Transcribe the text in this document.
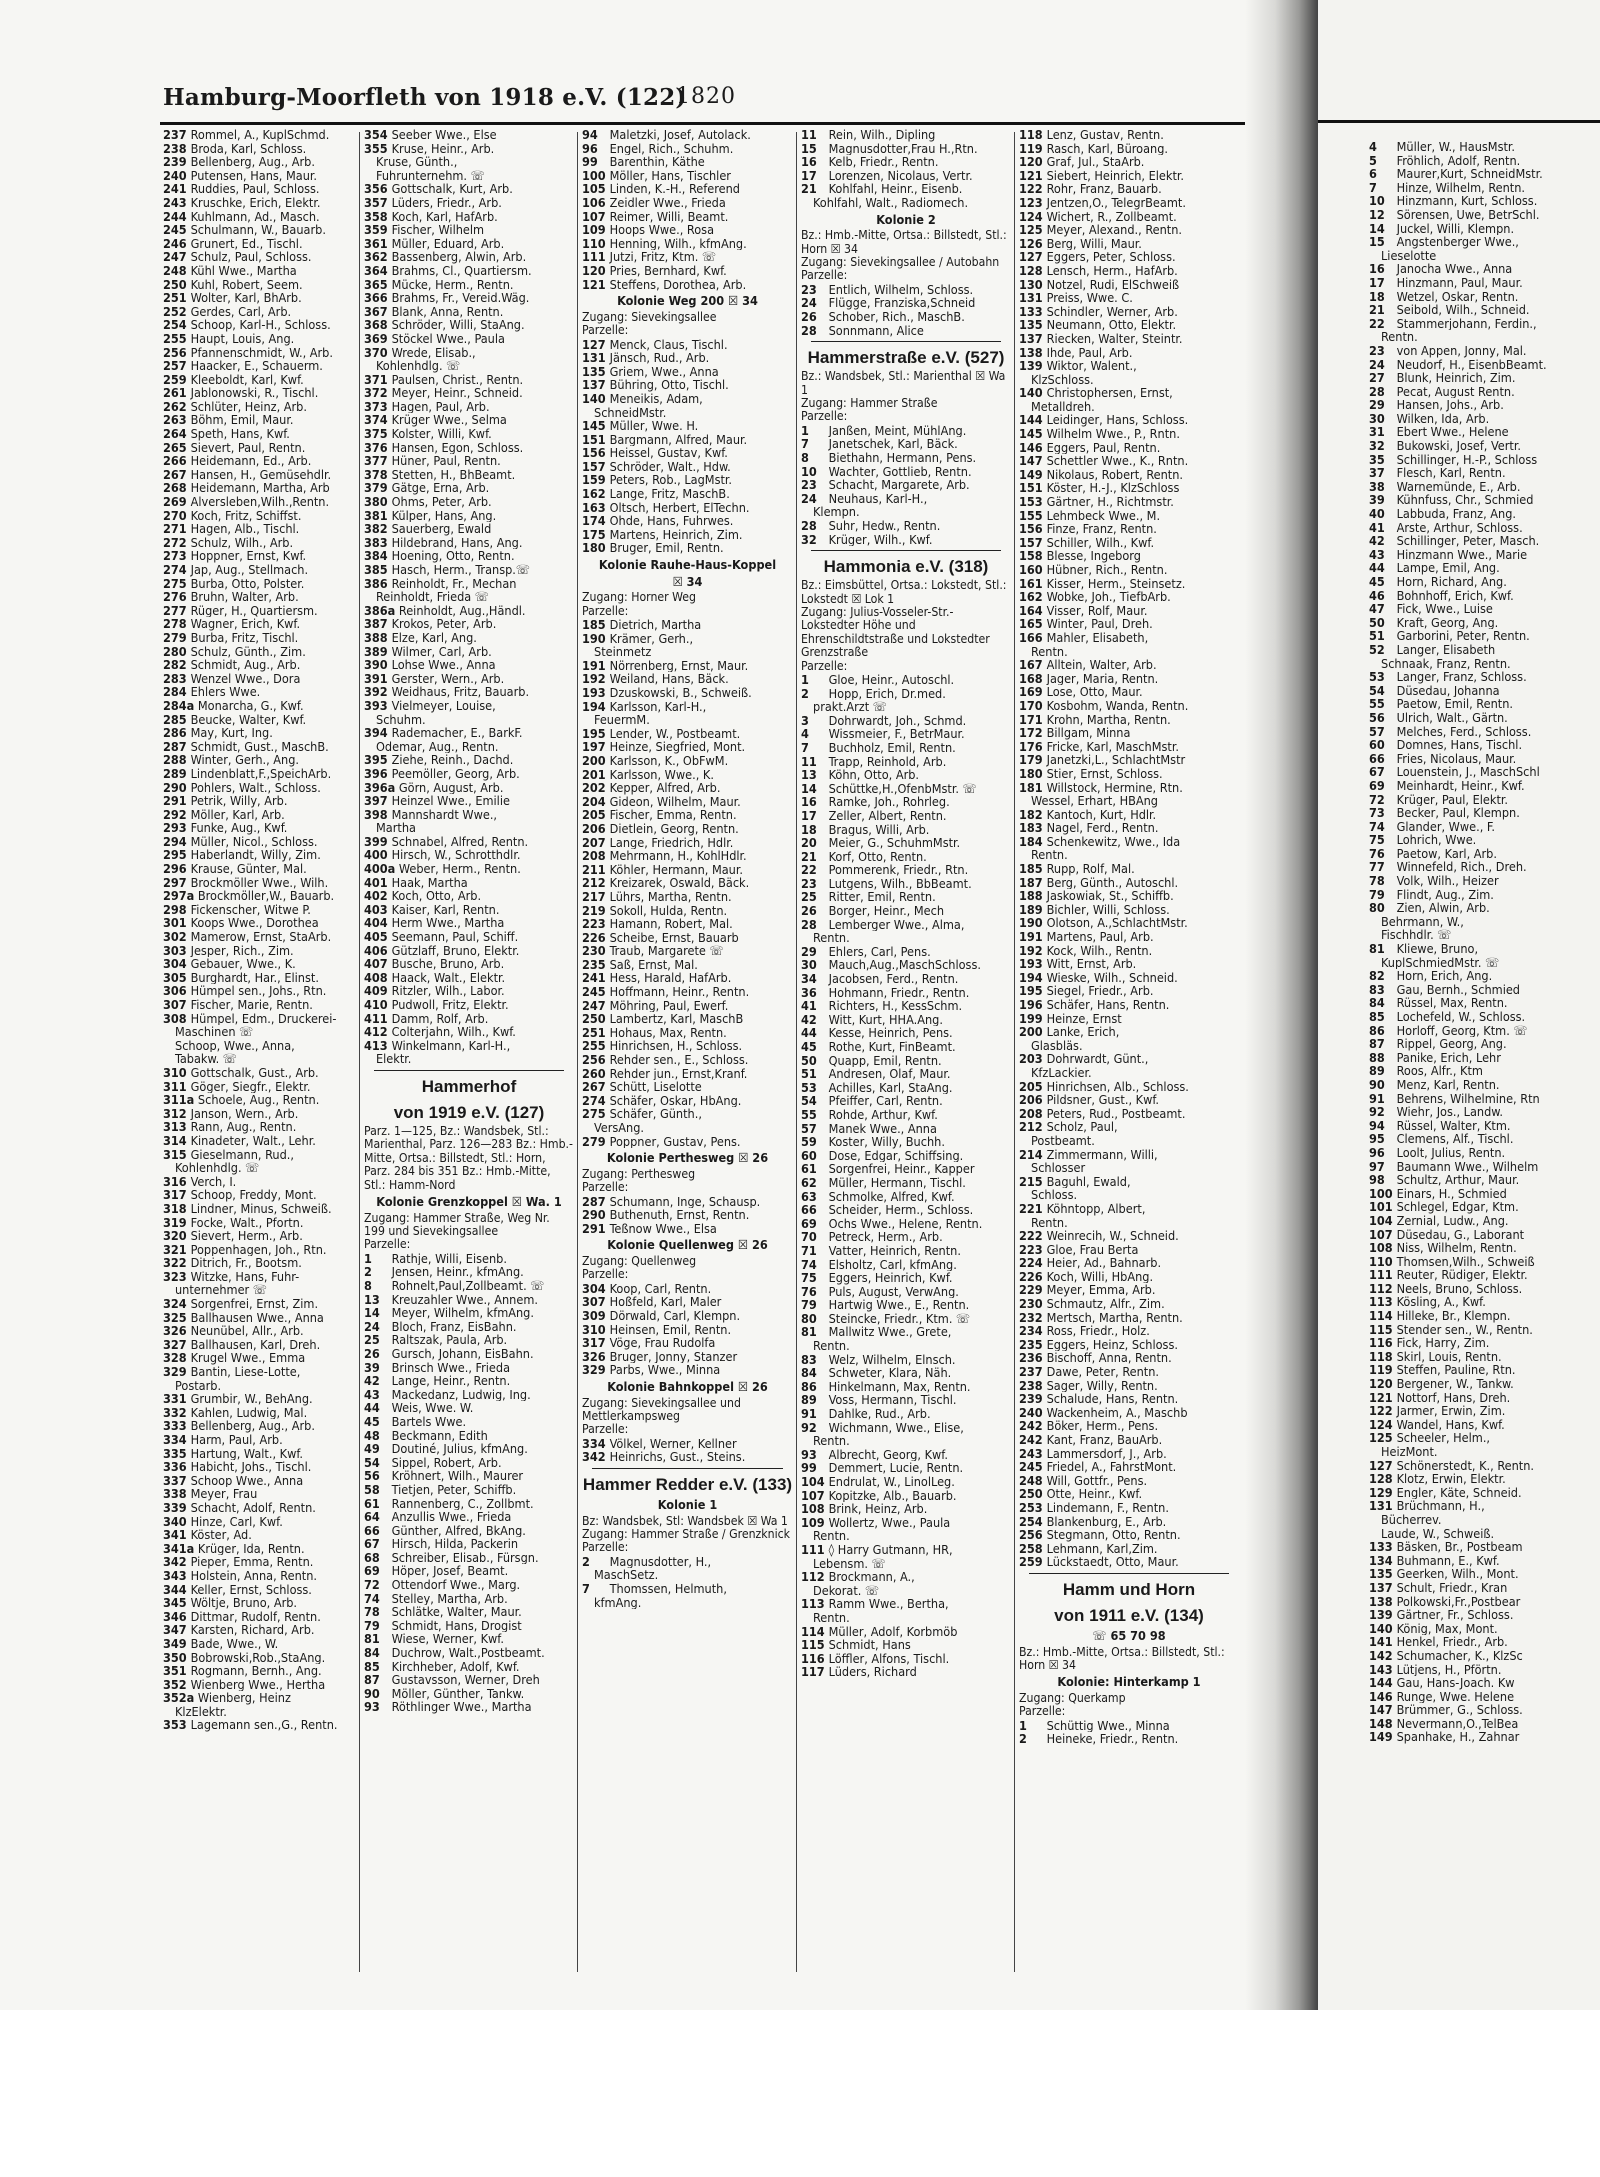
Hamburg-Moorfleth von 1918 e.V. (122)
1820
237 Rommel, A., KuplSchmd.
238 Broda, Karl, Schloss.
239 Bellenberg, Aug., Arb.
240 Putensen, Hans, Maur.
241 Ruddies, Paul, Schloss.
243 Kruschke, Erich, Elektr.
244 Kuhlmann, Ad., Masch.
245 Schulmann, W., Bauarb.
246 Grunert, Ed., Tischl.
247 Schulz, Paul, Schloss.
248 Kühl Wwe., Martha
250 Kuhl, Robert, Seem.
251 Wolter, Karl, BhArb.
252 Gerdes, Carl, Arb.
254 Schoop, Karl-H., Schloss.
255 Haupt, Louis, Ang.
256 Pfannenschmidt, W., Arb.
257 Haacker, E., Schauerm.
259 Kleeboldt, Karl, Kwf.
261 Jablonowski, R., Tischl.
262 Schlüter, Heinz, Arb.
263 Böhm, Emil, Maur.
264 Speth, Hans, Kwf.
265 Sievert, Paul, Rentn.
266 Heidemann, Ed., Arb.
267 Hansen, H., Gemüsehdlr.
268 Heidemann, Martha, Arb
269 Alversleben,Wilh.,Rentn.
270 Koch, Fritz, Schiffst.
271 Hagen, Alb., Tischl.
272 Schulz, Wilh., Arb.
273 Hoppner, Ernst, Kwf.
274 Jap, Aug., Stellmach.
275 Burba, Otto, Polster.
276 Bruhn, Walter, Arb.
277 Rüger, H., Quartiersm.
278 Wagner, Erich, Kwf.
279 Burba, Fritz, Tischl.
280 Schulz, Günth., Zim.
282 Schmidt, Aug., Arb.
283 Wenzel Wwe., Dora
284 Ehlers Wwe.
284a Monarcha, G., Kwf.
285 Beucke, Walter, Kwf.
286 May, Kurt, Ing.
287 Schmidt, Gust., MaschB.
288 Winter, Gerh., Ang.
289 Lindenblatt,F.,SpeichArb.
290 Pohlers, Walt., Schloss.
291 Petrik, Willy, Arb.
292 Möller, Karl, Arb.
293 Funke, Aug., Kwf.
294 Müller, Nicol., Schloss.
295 Haberlandt, Willy, Zim.
296 Krause, Günter, Mal.
297 Brockmöller Wwe., Wilh.
297a Brockmöller,W., Bauarb.
298 Fickenscher, Witwe P.
301 Koops Wwe., Dorothea
302 Mamerow, Ernst, StaArb.
303 Jesper, Rich., Zim.
304 Gebauer, Wwe., K.
305 Burghardt, Har., Elinst.
306 Hümpel sen., Johs., Rtn.
307 Fischer, Marie, Rentn.
308 Hümpel, Edm., Druckerei-
Maschinen ☏
Schoop, Wwe., Anna,
Tabakw. ☏
310 Gottschalk, Gust., Arb.
311 Göger, Siegfr., Elektr.
311a Schoele, Aug., Rentn.
312 Janson, Wern., Arb.
313 Rann, Aug., Rentn.
314 Kinadeter, Walt., Lehr.
315 Gieselmann, Rud.,
Kohlenhdlg. ☏
316 Verch, I.
317 Schoop, Freddy, Mont.
318 Lindner, Minus, Schweiß.
319 Focke, Walt., Pfortn.
320 Sievert, Herm., Arb.
321 Poppenhagen, Joh., Rtn.
322 Ditrich, Fr., Bootsm.
323 Witzke, Hans, Fuhr-
unternehmer ☏
324 Sorgenfrei, Ernst, Zim.
325 Ballhausen Wwe., Anna
326 Neunübel, Allr., Arb.
327 Ballhausen, Karl, Dreh.
328 Krugel Wwe., Emma
329 Bantin, Liese-Lotte,
Postarb.
331 Grumbir, W., BehAng.
332 Kahlen, Ludwig, Mal.
333 Bellenberg, Aug., Arb.
334 Harm, Paul, Arb.
335 Hartung, Walt., Kwf.
336 Habicht, Johs., Tischl.
337 Schoop Wwe., Anna
338 Meyer, Frau
339 Schacht, Adolf, Rentn.
340 Hinze, Carl, Kwf.
341 Köster, Ad.
341a Krüger, Ida, Rentn.
342 Pieper, Emma, Rentn.
343 Holstein, Anna, Rentn.
344 Keller, Ernst, Schloss.
345 Wöltje, Bruno, Arb.
346 Dittmar, Rudolf, Rentn.
347 Karsten, Richard, Arb.
349 Bade, Wwe., W.
350 Bobrowski,Rob.,StaAng.
351 Rogmann, Bernh., Ang.
352 Wienberg Wwe., Hertha
352a Wienberg, Heinz
KlzElektr.
353 Lagemann sen.,G., Rentn.
354 Seeber Wwe., Else
355 Kruse, Heinr., Arb.
Kruse, Günth.,
Fuhrunternehm. ☏
356 Gottschalk, Kurt, Arb.
357 Lüders, Friedr., Arb.
358 Koch, Karl, HafArb.
359 Fischer, Wilhelm
361 Müller, Eduard, Arb.
362 Bassenberg, Alwin, Arb.
364 Brahms, Cl., Quartiersm.
365 Mücke, Herm., Rentn.
366 Brahms, Fr., Vereid.Wäg.
367 Blank, Anna, Rentn.
368 Schröder, Willi, StaAng.
369 Stöckel Wwe., Paula
370 Wrede, Elisab.,
Kohlenhdlg. ☏
371 Paulsen, Christ., Rentn.
372 Meyer, Heinr., Schneid.
373 Hagen, Paul, Arb.
374 Krüger Wwe., Selma
375 Kolster, Willi, Kwf.
376 Hansen, Egon, Schloss.
377 Hüner, Paul, Rentn.
378 Stetten, H., BhBeamt.
379 Gätge, Erna, Arb.
380 Ohms, Peter, Arb.
381 Külper, Hans, Ang.
382 Sauerberg, Ewald
383 Hildebrand, Hans, Ang.
384 Hoening, Otto, Rentn.
385 Hasch, Herm., Transp.☏
386 Reinholdt, Fr., Mechan
Reinholdt, Frieda ☏
386a Reinholdt, Aug.,Händl.
387 Krokos, Peter, Arb.
388 Elze, Karl, Ang.
389 Wilmer, Carl, Arb.
390 Lohse Wwe., Anna
391 Gerster, Wern., Arb.
392 Weidhaus, Fritz, Bauarb.
393 Vielmeyer, Louise,
Schuhm.
394 Rademacher, E., BarkF.
Odemar, Aug., Rentn.
395 Ziehe, Reinh., Dachd.
396 Peemöller, Georg, Arb.
396a Görn, August, Arb.
397 Heinzel Wwe., Emilie
398 Mannshardt Wwe.,
Martha
399 Schnabel, Alfred, Rentn.
400 Hirsch, W., Schrotthdlr.
400a Weber, Herm., Rentn.
401 Haak, Martha
402 Koch, Otto, Arb.
403 Kaiser, Karl, Rentn.
404 Herm Wwe., Martha
405 Seemann, Paul, Schiff.
406 Gützlaff, Bruno, Elektr.
407 Busche, Bruno, Arb.
408 Haack, Walt., Elektr.
409 Ritzler, Wilh., Labor.
410 Pudwoll, Fritz, Elektr.
411 Damm, Rolf, Arb.
412 Colterjahn, Wilh., Kwf.
413 Winkelmann, Karl-H.,
Elektr.
Hammerhof
von 1919 e.V. (127)
Parz. 1—125, Bz.: Wandsbek, Stl.: Marienthal, Parz. 126—283 Bz.: Hmb.-Mitte, Ortsa.: Billstedt, Stl.: Horn, Parz. 284 bis 351 Bz.: Hmb.-Mitte, Stl.: Hamm-Nord
Kolonie Grenzkoppel ☒ Wa. 1
Zugang: Hammer Straße, Weg Nr. 199 und Sievekingsallee
Parzelle:
1 Rathje, Willi, Eisenb.
2 Jensen, Heinr., kfmAng.
8 Rohnelt,Paul,Zollbeamt. ☏
13 Kreuzahler Wwe., Annem.
14 Meyer, Wilhelm, kfmAng.
24 Bloch, Franz, EisBahn.
25 Raltszak, Paula, Arb.
26 Gursch, Johann, EisBahn.
39 Brinsch Wwe., Frieda
42 Lange, Heinr., Rentn.
43 Mackedanz, Ludwig, Ing.
44 Weis, Wwe. W.
45 Bartels Wwe.
48 Beckmann, Edith
49 Doutiné, Julius, kfmAng.
54 Sippel, Robert, Arb.
56 Kröhnert, Wilh., Maurer
58 Tietjen, Peter, Schiffb.
61 Rannenberg, C., Zollbmt.
64 Anzullis Wwe., Frieda
66 Günther, Alfred, BkAng.
67 Hirsch, Hilda, Packerin
68 Schreiber, Elisab., Fürsgn.
69 Höper, Josef, Beamt.
72 Ottendorf Wwe., Marg.
74 Stelley, Martha, Arb.
78 Schlätke, Walter, Maur.
79 Schmidt, Hans, Drogist
81 Wiese, Werner, Kwf.
84 Duchrow, Walt.,Postbeamt.
85 Kirchheber, Adolf, Kwf.
87 Gustavsson, Werner, Dreh
90 Möller, Günther, Tankw.
93 Röthlinger Wwe., Martha
94 Maletzki, Josef, Autolack.
96 Engel, Rich., Schuhm.
99 Barenthin, Käthe
100 Möller, Hans, Tischler
105 Linden, K.-H., Referend
106 Zeidler Wwe., Frieda
107 Reimer, Willi, Beamt.
109 Hoops Wwe., Rosa
110 Henning, Wilh., kfmAng.
111 Jutzi, Fritz, Ktm. ☏
120 Pries, Bernhard, Kwf.
121 Steffens, Dorothea, Arb.
Kolonie Weg 200 ☒ 34
Zugang: Sievekingsallee
Parzelle:
127 Menck, Claus, Tischl.
131 Jänsch, Rud., Arb.
135 Griem, Wwe., Anna
137 Bühring, Otto, Tischl.
140 Meneikis, Adam,
SchneidMstr.
145 Müller, Wwe. H.
151 Bargmann, Alfred, Maur.
156 Heissel, Gustav, Kwf.
157 Schröder, Walt., Hdw.
159 Peters, Rob., LagMstr.
162 Lange, Fritz, MaschB.
163 Oltsch, Herbert, ElTechn.
174 Ohde, Hans, Fuhrwes.
175 Martens, Heinrich, Zim.
180 Bruger, Emil, Rentn.
Kolonie Rauhe-Haus-Koppel
☒ 34
Zugang: Horner Weg
Parzelle:
185 Dietrich, Martha
190 Krämer, Gerh.,
Steinmetz
191 Nörrenberg, Ernst, Maur.
192 Weiland, Hans, Bäck.
193 Dzuskowski, B., Schweiß.
194 Karlsson, Karl-H.,
FeuermM.
195 Lender, W., Postbeamt.
197 Heinze, Siegfried, Mont.
200 Karlsson, K., ObFwM.
201 Karlsson, Wwe., K.
202 Kepper, Alfred, Arb.
204 Gideon, Wilhelm, Maur.
205 Fischer, Emma, Rentn.
206 Dietlein, Georg, Rentn.
207 Lange, Friedrich, Hdlr.
208 Mehrmann, H., KohlHdlr.
211 Köhler, Hermann, Maur.
212 Kreizarek, Oswald, Bäck.
217 Lührs, Martha, Rentn.
219 Sokoll, Hulda, Rentn.
223 Hamann, Robert, Mal.
226 Scheibe, Ernst, Bauarb
230 Traub, Margarete ☏
235 Saß, Ernst, Mal.
241 Hess, Harald, HafArb.
245 Hoffmann, Heinr., Rentn.
247 Möhring, Paul, Ewerf.
250 Lambertz, Karl, MaschB
251 Hohaus, Max, Rentn.
255 Hinrichsen, H., Schloss.
256 Rehder sen., E., Schloss.
260 Rehder jun., Ernst,Kranf.
267 Schütt, Liselotte
274 Schäfer, Oskar, HbAng.
275 Schäfer, Günth.,
VersAng.
279 Poppner, Gustav, Pens.
Kolonie Perthesweg ☒ 26
Zugang: Perthesweg
Parzelle:
287 Schumann, Inge, Schausp.
290 Buthenuth, Ernst, Rentn.
291 Teßnow Wwe., Elsa
Kolonie Quellenweg ☒ 26
Zugang: Quellenweg
Parzelle:
304 Koop, Carl, Rentn.
307 Hoßfeld, Karl, Maler
309 Dörwald, Carl, Klempn.
310 Heinsen, Emil, Rentn.
317 Vöge, Frau Rudolfa
326 Bruger, Jonny, Stanzer
329 Parbs, Wwe., Minna
Kolonie Bahnkoppel ☒ 26
Zugang: Sievekingsallee und Mettlerkampsweg
Parzelle:
334 Völkel, Werner, Kellner
342 Heinrichs, Gust., Steins.
Hammer Redder e.V. (133)
Kolonie 1
Bz: Wandsbek, Stl: Wandsbek ☒ Wa 1
Zugang: Hammer Straße / Grenzknick
Parzelle:
2 Magnusdotter, H.,
MaschSetz.
7 Thomssen, Helmuth,
kfmAng.
11 Rein, Wilh., Dipling
15 Magnusdotter,Frau H.,Rtn.
16 Kelb, Friedr., Rentn.
17 Lorenzen, Nicolaus, Vertr.
21 Kohlfahl, Heinr., Eisenb.
Kohlfahl, Walt., Radiomech.
Kolonie 2
Bz.: Hmb.-Mitte, Ortsa.: Billstedt, Stl.: Horn ☒ 34
Zugang: Sievekingsallee / Autobahn
Parzelle:
23 Entlich, Wilhelm, Schloss.
24 Flügge, Franziska,Schneid
26 Schober, Rich., MaschB.
28 Sonnmann, Alice
Hammerstraße e.V. (527)
Bz.: Wandsbek, Stl.: Marienthal ☒ Wa 1
Zugang: Hammer Straße
Parzelle:
1 Janßen, Meint, MühlAng.
7 Janetschek, Karl, Bäck.
8 Biethahn, Hermann, Pens.
10 Wachter, Gottlieb, Rentn.
23 Schacht, Margarete, Arb.
24 Neuhaus, Karl-H.,
Klempn.
28 Suhr, Hedw., Rentn.
32 Krüger, Wilh., Kwf.
Hammonia e.V. (318)
Bz.: Eimsbüttel, Ortsa.: Lokstedt, Stl.: Lokstedt ☒ Lok 1
Zugang: Julius-Vosseler-Str.-Lokstedter Höhe und Ehrenschildtstraße und Lokstedter Grenzstraße
Parzelle:
1 Gloe, Heinr., Autoschl.
2 Hopp, Erich, Dr.med.
prakt.Arzt ☏
3 Dohrwardt, Joh., Schmd.
4 Wissmeier, F., BetrMaur.
7 Buchholz, Emil, Rentn.
11 Trapp, Reinhold, Arb.
13 Köhn, Otto, Arb.
14 Schüttke,H.,OfenbMstr. ☏
16 Ramke, Joh., Rohrleg.
17 Zeller, Albert, Rentn.
18 Bragus, Willi, Arb.
20 Meier, G., SchuhmMstr.
21 Korf, Otto, Rentn.
22 Pommerenk, Friedr., Rtn.
23 Lutgens, Wilh., BbBeamt.
25 Ritter, Emil, Rentn.
26 Borger, Heinr., Mech
28 Lemberger Wwe., Alma,
Rentn.
29 Ehlers, Carl, Pens.
30 Mauch,Aug.,MaschSchloss.
34 Jacobsen, Ferd., Rentn.
36 Hohmann, Friedr., Rentn.
41 Richters, H., KessSchm.
42 Witt, Kurt, HHA.Ang.
44 Kesse, Heinrich, Pens.
45 Rothe, Kurt, FinBeamt.
50 Quapp, Emil, Rentn.
51 Andresen, Olaf, Maur.
53 Achilles, Karl, StaAng.
54 Pfeiffer, Carl, Rentn.
55 Rohde, Arthur, Kwf.
57 Manek Wwe., Anna
59 Koster, Willy, Buchh.
60 Dose, Edgar, Schiffsing.
61 Sorgenfrei, Heinr., Kapper
62 Müller, Hermann, Tischl.
63 Schmolke, Alfred, Kwf.
66 Scheider, Herm., Schloss.
69 Ochs Wwe., Helene, Rentn.
70 Petreck, Herm., Arb.
71 Vatter, Heinrich, Rentn.
74 Elsholtz, Carl, kfmAng.
75 Eggers, Heinrich, Kwf.
76 Puls, August, VerwAng.
79 Hartwig Wwe., E., Rentn.
80 Steincke, Friedr., Ktm. ☏
81 Mallwitz Wwe., Grete,
Rentn.
83 Welz, Wilhelm, Elnsch.
84 Schweter, Klara, Näh.
86 Hinkelmann, Max, Rentn.
89 Voss, Hermann, Tischl.
91 Dahlke, Rud., Arb.
92 Wichmann, Wwe., Elise,
Rentn.
93 Albrecht, Georg, Kwf.
99 Demmert, Lucie, Rentn.
104 Endrulat, W., LinolLeg.
107 Kopitzke, Alb., Bauarb.
108 Brink, Heinz, Arb.
109 Wollertz, Wwe., Paula
Rentn.
111 ◊ Harry Gutmann, HR,
Lebensm. ☏
112 Brockmann, A.,
Dekorat. ☏
113 Ramm Wwe., Bertha,
Rentn.
114 Müller, Adolf, Korbmöb
115 Schmidt, Hans
116 Löffler, Alfons, Tischl.
117 Lüders, Richard
118 Lenz, Gustav, Rentn.
119 Rasch, Karl, Büroang.
120 Graf, Jul., StaArb.
121 Siebert, Heinrich, Elektr.
122 Rohr, Franz, Bauarb.
123 Jentzen,O., TelegrBeamt.
124 Wichert, R., Zollbeamt.
125 Meyer, Alexand., Rentn.
126 Berg, Willi, Maur.
127 Eggers, Peter, Schloss.
128 Lensch, Herm., HafArb.
130 Notzel, Rudi, ElSchweiß
131 Preiss, Wwe. C.
133 Schindler, Werner, Arb.
135 Neumann, Otto, Elektr.
137 Riecken, Walter, Steintr.
138 Ihde, Paul, Arb.
139 Wiktor, Walent.,
KlzSchloss.
140 Christophersen, Ernst,
Metalldreh.
144 Leidinger, Hans, Schloss.
145 Wilhelm Wwe., P., Rntn.
146 Eggers, Paul, Rentn.
147 Schettler Wwe., K., Rntn.
149 Nikolaus, Robert, Rentn.
151 Köster, H.-J., KlzSchloss
153 Gärtner, H., Richtmstr.
155 Lehmbeck Wwe., M.
156 Finze, Franz, Rentn.
157 Schiller, Wilh., Kwf.
158 Blesse, Ingeborg
160 Hübner, Rich., Rentn.
161 Kisser, Herm., Steinsetz.
162 Wobke, Joh., TiefbArb.
164 Visser, Rolf, Maur.
165 Winter, Paul, Dreh.
166 Mahler, Elisabeth,
Rentn.
167 Alltein, Walter, Arb.
168 Jager, Maria, Rentn.
169 Lose, Otto, Maur.
170 Kosbohm, Wanda, Rentn.
171 Krohn, Martha, Rentn.
172 Billgam, Minna
176 Fricke, Karl, MaschMstr.
179 Janetzki,L., SchlachtMstr
180 Stier, Ernst, Schloss.
181 Willstock, Hermine, Rtn.
Wessel, Erhart, HBAng
182 Kantoch, Kurt, Hdlr.
183 Nagel, Ferd., Rentn.
184 Schenkewitz, Wwe., Ida
Rentn.
185 Rupp, Rolf, Mal.
187 Berg, Günth., Autoschl.
188 Jaskowiak, St., Schiffb.
189 Bichler, Willi, Schloss.
190 Olotson, A.,SchlachtMstr.
191 Martens, Paul, Arb.
192 Kock, Wilh., Rentn.
193 Witt, Ernst, Arb.
194 Wieske, Wilh., Schneid.
195 Siegel, Friedr., Arb.
196 Schäfer, Hans, Rentn.
199 Heinze, Ernst
200 Lanke, Erich,
Glasbläs.
203 Dohrwardt, Günt.,
KfzLackier.
205 Hinrichsen, Alb., Schloss.
206 Pildsner, Gust., Kwf.
208 Peters, Rud., Postbeamt.
212 Scholz, Paul,
Postbeamt.
214 Zimmermann, Willi,
Schlosser
215 Baguhl, Ewald,
Schloss.
221 Köhntopp, Albert,
Rentn.
222 Weinrecih, W., Schneid.
223 Gloe, Frau Berta
224 Heier, Ad., Bahnarb.
226 Koch, Willi, HbAng.
229 Meyer, Emma, Arb.
230 Schmautz, Alfr., Zim.
232 Mertsch, Martha, Rentn.
234 Ross, Friedr., Holz.
235 Eggers, Heinz, Schloss.
236 Bischoff, Anna, Rentn.
237 Dawe, Peter, Rentn.
238 Sager, Willy, Rentn.
239 Schalude, Hans, Rentn.
240 Wackenheim, A., Maschb
242 Böker, Herm., Pens.
242 Kant, Franz, BauArb.
243 Lammersdorf, J., Arb.
245 Friedel, A., FahrstMont.
248 Will, Gottfr., Pens.
250 Otte, Heinr., Kwf.
253 Lindemann, F., Rentn.
254 Blankenburg, E., Arb.
256 Stegmann, Otto, Rentn.
258 Lehmann, Karl,Zim.
259 Lückstaedt, Otto, Maur.
Hamm und Horn
von 1911 e.V. (134)
☏ 65 70 98
Bz.: Hmb.-Mitte, Ortsa.: Billstedt, Stl.: Horn ☒ 34
Kolonie: Hinterkamp 1
Zugang: Querkamp
Parzelle:
1 Schüttig Wwe., Minna
2 Heineke, Friedr., Rentn.
4 Müller, W., HausMstr.
5 Fröhlich, Adolf, Rentn.
6 Maurer,Kurt, SchneidMstr.
7 Hinze, Wilhelm, Rentn.
10 Hinzmann, Kurt, Schloss.
12 Sörensen, Uwe, BetrSchl.
14 Juckel, Willi, Klempn.
15 Angstenberger Wwe.,
Lieselotte
16 Janocha Wwe., Anna
17 Hinzmann, Paul, Maur.
18 Wetzel, Oskar, Rentn.
21 Seibold, Wilh., Schneid.
22 Stammerjohann, Ferdin.,
Rentn.
23 von Appen, Jonny, Mal.
24 Neudorf, H., EisenbBeamt.
27 Blunk, Heinrich, Zim.
28 Pecat, August Rentn.
29 Hansen, Johs., Arb.
30 Wilken, Ida, Arb.
31 Ebert Wwe., Helene
32 Bukowski, Josef, Vertr.
35 Schillinger, H.-P., Schloss
37 Flesch, Karl, Rentn.
38 Warnemünde, E., Arb.
39 Kühnfuss, Chr., Schmied
40 Labbuda, Franz, Ang.
41 Arste, Arthur, Schloss.
42 Schillinger, Peter, Masch.
43 Hinzmann Wwe., Marie
44 Lampe, Emil, Ang.
45 Horn, Richard, Ang.
46 Bohnhoff, Erich, Kwf.
47 Fick, Wwe., Luise
50 Kraft, Georg, Ang.
51 Garborini, Peter, Rentn.
52 Langer, Elisabeth
Schnaak, Franz, Rentn.
53 Langer, Franz, Schloss.
54 Düsedau, Johanna
55 Paetow, Emil, Rentn.
56 Ulrich, Walt., Gärtn.
57 Melches, Ferd., Schloss.
60 Domnes, Hans, Tischl.
66 Fries, Nicolaus, Maur.
67 Louenstein, J., MaschSchl
69 Meinhardt, Heinr., Kwf.
72 Krüger, Paul, Elektr.
73 Becker, Paul, Klempn.
74 Glander, Wwe., F.
75 Lohrich, Wwe.
76 Paetow, Karl, Arb.
77 Winnefeld, Rich., Dreh.
78 Volk, Wilh., Heizer
79 Flindt, Aug., Zim.
80 Zien, Alwin, Arb.
Behrmann, W.,
Fischhdlr. ☏
81 Kliewe, Bruno,
KuplSchmiedMstr. ☏
82 Horn, Erich, Ang.
83 Gau, Bernh., Schmied
84 Rüssel, Max, Rentn.
85 Lochefeld, W., Schloss.
86 Horloff, Georg, Ktm. ☏
87 Rippel, Georg, Ang.
88 Panike, Erich, Lehr
89 Roos, Alfr., Ktm
90 Menz, Karl, Rentn.
91 Behrens, Wilhelmine, Rtn
92 Wiehr, Jos., Landw.
94 Rüssel, Walter, Ktm.
95 Clemens, Alf., Tischl.
96 Loolt, Julius, Rentn.
97 Baumann Wwe., Wilhelm
98 Schultz, Arthur, Maur.
100 Einars, H., Schmied
101 Schlegel, Edgar, Ktm.
104 Zernial, Ludw., Ang.
107 Düsedau, G., Laborant
108 Niss, Wilhelm, Rentn.
110 Thomsen,Wilh., Schweiß
111 Reuter, Rüdiger, Elektr.
112 Neels, Bruno, Schloss.
113 Kösling, A., Kwf.
114 Hilleke, Br., Klempn.
115 Stender sen., W., Rentn.
116 Fick, Harry, Zim.
118 Skirl, Louis, Rentn.
119 Steffen, Pauline, Rtn.
120 Bergener, W., Tankw.
121 Nottorf, Hans, Dreh.
122 Jarmer, Erwin, Zim.
124 Wandel, Hans, Kwf.
125 Scheeler, Helm.,
HeizMont.
127 Schönerstedt, K., Rentn.
128 Klotz, Erwin, Elektr.
129 Engler, Käte, Schneid.
131 Brüchmann, H.,
Bücherrev.
Laude, W., Schweiß.
133 Bäsken, Br., Postbeam
134 Buhmann, E., Kwf.
135 Geerken, Wilh., Mont.
137 Schult, Friedr., Kran
138 Polkowski,Fr.,Postbear
139 Gärtner, Fr., Schloss.
140 König, Max, Mont.
141 Henkel, Friedr., Arb.
142 Schumacher, K., KlzSc
143 Lütjens, H., Pförtn.
144 Gau, Hans-Joach. Kw
146 Runge, Wwe. Helene
147 Brümmer, G., Schloss.
148 Nevermann,O.,TelBea
149 Spanhake, H., Zahnar
